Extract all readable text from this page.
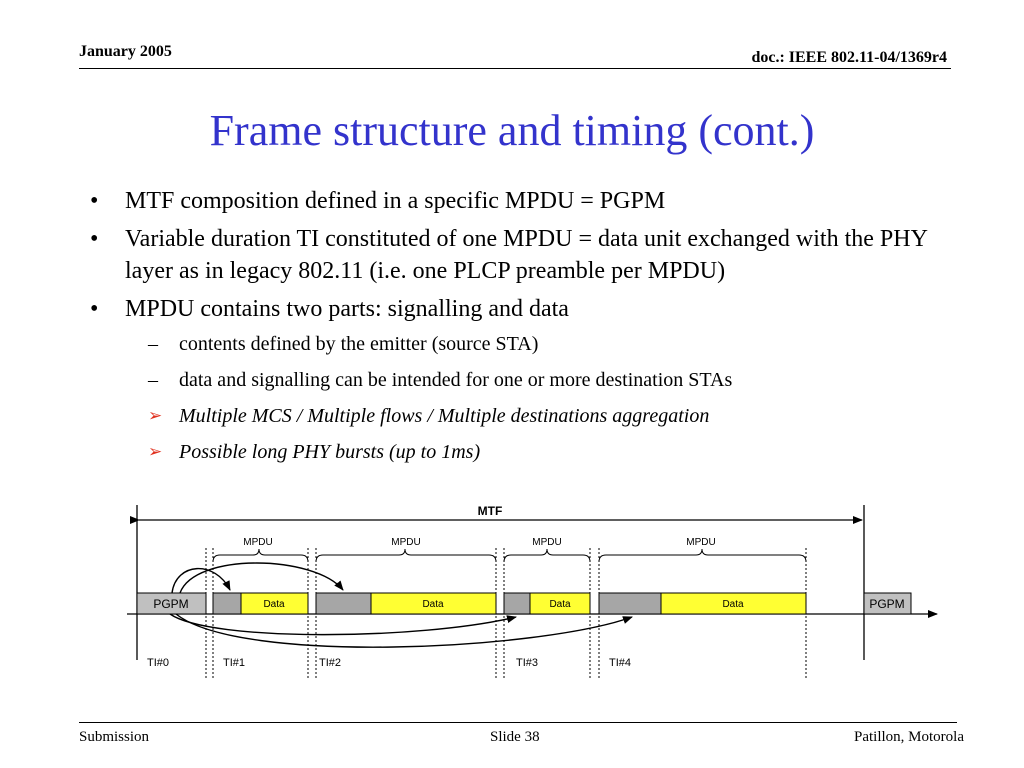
January 2005	doc.: IEEE 802.11-04/1369r4
Frame structure and timing (cont.)
• MTF composition defined in a specific MPDU = PGPM
• Variable duration TI constituted of one MPDU = data unit exchanged with the PHY layer as in legacy 802.11 (i.e. one PLCP preamble per MPDU)
• MPDU contains two parts: signalling and data
– contents defined by the emitter (source STA)
– data and signalling can be intended for one or more destination STAs
➢ Multiple MCS / Multiple flows / Multiple destinations aggregation
➢ Possible long PHY bursts (up to 1ms)
MTF
MPDU	MPDU	MPDU	MPDU
PGPM	Data	Data	Data	Data	PGPM
TI#0	TI#1	TI#2	TI#3	TI#4
Submission	Slide 38	Patillon, Motorola
